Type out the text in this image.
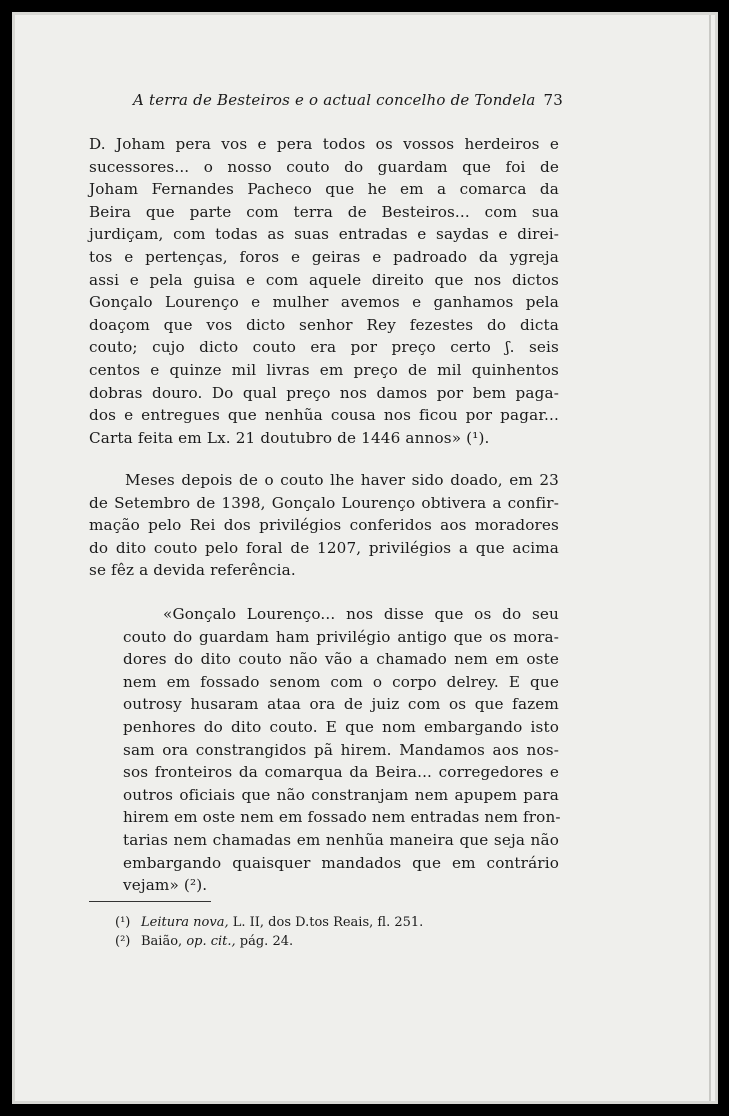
A terra de Besteiros e o actual concelho de Tondela 73
D. Joham pera vos e pera todos os vossos herdeiros e
sucessores... o nosso couto do guardam que foi de
Joham Fernandes Pacheco que he em a comarca da
Beira que parte com terra de Besteiros... com sua
jurdiçam, com todas as suas entradas e saydas e direi-
tos e pertenças, foros e geiras e padroado da ygreja
assi e pela guisa e com aquele direito que nos dictos
Gonçalo Lourenço e mulher avemos e ganhamos pela
doaçom que vos dicto senhor Rey fezestes do dicta
couto; cujo dicto couto era por preço certo ʃ. seis
centos e quinze mil livras em preço de mil quinhentos
dobras douro. Do qual preço nos damos por bem paga-
dos e entregues que nenhũa cousa nos ficou por pagar...
Carta feita em Lx. 21 doutubro de 1446 annos» (¹).
Meses depois de o couto lhe haver sido doado, em 23
de Setembro de 1398, Gonçalo Lourenço obtivera a confir-
mação pelo Rei dos privilégios conferidos aos moradores
do dito couto pelo foral de 1207, privilégios a que acima
se fêz a devida referência.
«Gonçalo Lourenço... nos disse que os do seu
couto do guardam ham privilégio antigo que os mora-
dores do dito couto não vão a chamado nem em oste
nem em fossado senom com o corpo delrey. E que
outrosy husaram ataa ora de juiz com os que fazem
penhores do dito couto. E que nom embargando isto
sam ora constrangidos pã hirem. Mandamos aos nos-
sos fronteiros da comarqua da Beira... corregedores e
outros oficiais que não constranjam nem apupem para
hirem em oste nem em fossado nem entradas nem fron-
tarias nem chamadas em nenhũa maneira que seja não
embargando quaisquer mandados que em contrário
vejam» (²).
(¹) Leitura nova, L. II, dos D.tos Reais, fl. 251.
(²) Baião, op. cit., pág. 24.
